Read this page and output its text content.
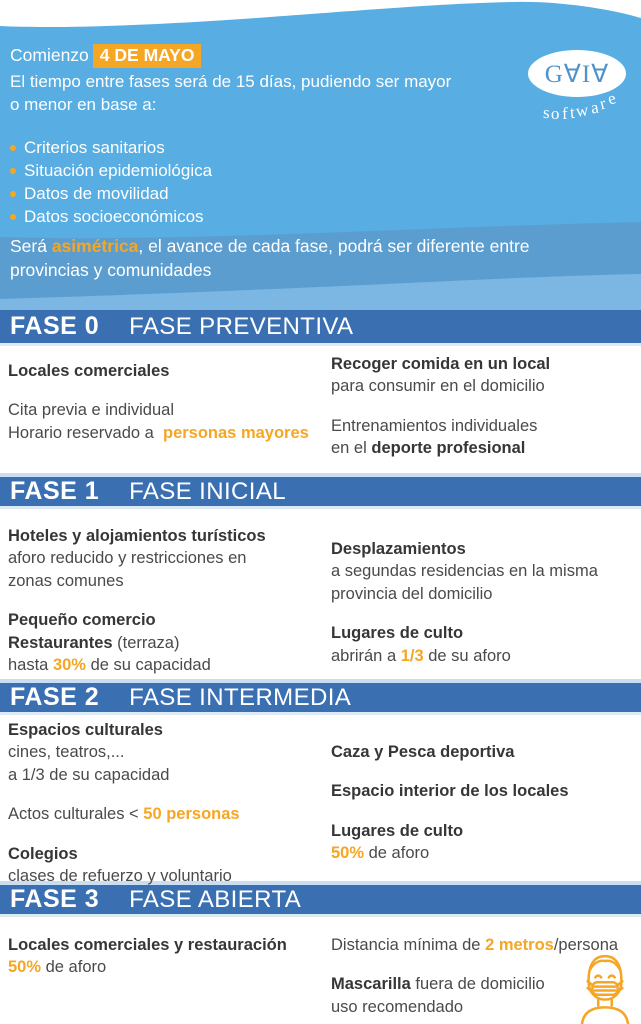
Comienzo 4 DE MAYO
El tiempo entre fases será de 15 días, pudiendo ser mayor
o menor en base a:
Criterios sanitarios
Situación epidemiológica
Datos de movilidad
Datos socioeconómicos
G∀I∀
s o f t w a
r
e
Será asimétrica, el avance de cada fase, podrá ser diferente entre
provincias y comunidades
FASE 0 FASE PREVENTIVA
FASE 1 FASE INICIAL
FASE 2 FASE INTERMEDIA
FASE 3 FASE ABIERTA
Locales comerciales
Cita previa e individual
Horario reservado a  personas mayores
Recoger comida en un local
para consumir en el domicilio
Entrenamientos individuales
en el deporte profesional
Hoteles y alojamientos turísticos
aforo reducido y restricciones en
zonas comunes
Pequeño comercio
Restaurantes (terraza)
hasta 30% de su capacidad
Desplazamientos
a segundas residencias en la misma
provincia del domicilio
Lugares de culto
abrirán a 1/3 de su aforo
Espacios culturales
cines, teatros,...
a 1/3 de su capacidad
Actos culturales < 50 personas
Colegios
clases de refuerzo y voluntario
Caza y Pesca deportiva
Espacio interior de los locales
Lugares de culto
50% de aforo
Locales comerciales y restauración
50% de aforo
Distancia mínima de 2 metros/persona
Mascarilla fuera de domicilio
uso recomendado
